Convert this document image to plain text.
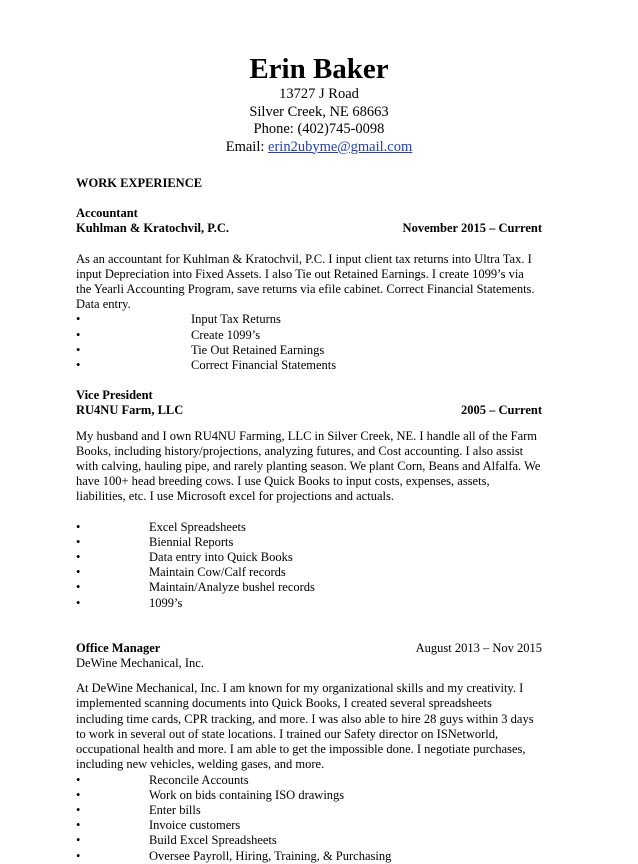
Erin Baker
13727 J Road
Silver Creek, NE 68663
Phone: (402)745-0098
Email: erin2ubyme@gmail.com
WORK EXPERIENCE
Accountant
Kuhlman & Kratochvil, P.C.	November 2015 – Current

As an accountant for Kuhlman & Kratochvil, P.C. I input client tax returns into Ultra Tax. I input Depreciation into Fixed Assets. I also Tie out Retained Earnings. I create 1099’s via the Yearli Accounting Program, save returns via efile cabinet. Correct Financial Statements. Data entry.

•	Input Tax Returns
•	Create 1099’s
•	Tie Out Retained Earnings
•	Correct Financial Statements
Vice President
RU4NU Farm, LLC	2005 – Current

My husband and I own RU4NU Farming, LLC in Silver Creek, NE. I handle all of the Farm Books, including history/projections, analyzing futures, and Cost accounting. I also assist with calving, hauling pipe, and rarely planting season. We plant Corn, Beans and Alfalfa. We have 100+ head breeding cows. I use Quick Books to input costs, expenses, assets, liabilities, etc. I use Microsoft excel for projections and actuals.

•	Excel Spreadsheets
•	Biennial Reports
•	Data entry into Quick Books
•	Maintain Cow/Calf records
•	Maintain/Analyze bushel records
•	1099’s
Office Manager	August 2013 – Nov 2015
DeWine Mechanical, Inc.

At DeWine Mechanical, Inc. I am known for my organizational skills and my creativity. I implemented scanning documents into Quick Books, I created several spreadsheets including time cards, CPR tracking, and more. I was also able to hire 28 guys within 3 days to work in several out of state locations. I trained our Safety director on ISNetworld, occupational health and more. I am able to get the impossible done. I negotiate purchases, including new vehicles, welding gases, and more.

•	Reconcile Accounts
•	Work on bids containing ISO drawings
•	Enter bills
•	Invoice customers
•	Build Excel Spreadsheets
•	Oversee Payroll, Hiring, Training, & Purchasing
